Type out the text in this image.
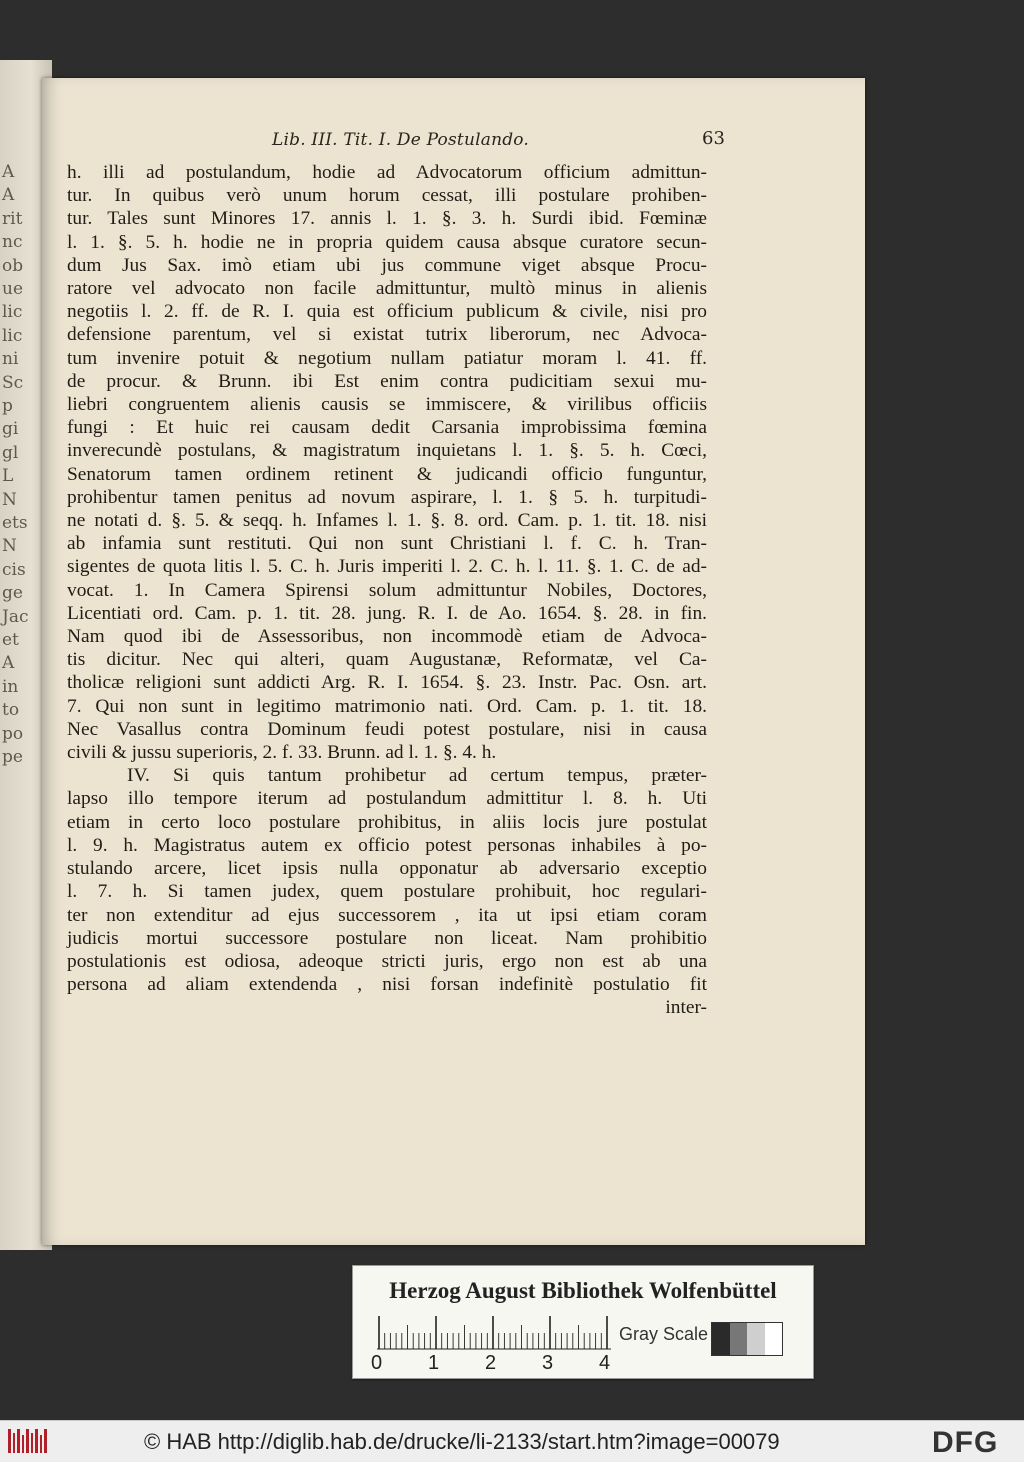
A
A
rit
nc
ob
ue
lic
lic
ni
Sc
p
gi
gl
L
N
ets
N
cis
ge
Jac
et
A
in
to
po
pe
Lib. III. Tit. I. De Postulando.	63
h. illi ad postulandum, hodie ad Advocatorum officium admittun-
tur. In quibus verò unum horum cessat, illi postulare prohiben-
tur. Tales sunt Minores 17. annis l. 1. §. 3. h. Surdi ibid. Fœminæ
l. 1. §. 5. h. hodie ne in propria quidem causa absque curatore secun-
dum Jus Sax. imò etiam ubi jus commune viget absque Procu-
ratore vel advocato non facile admittuntur, multò minus in alienis
negotiis l. 2. ff. de R. I. quia est officium publicum & civile, nisi pro
defensione parentum, vel si existat tutrix liberorum, nec Advoca-
tum invenire potuit & negotium nullam patiatur moram l. 41. ff.
de procur. & Brunn. ibi Est enim contra pudicitiam sexui mu-
liebri congruentem alienis causis se immiscere, & virilibus officiis
fungi : Et huic rei causam dedit Carsania improbissima fœmina
inverecundè postulans, & magistratum inquietans l. 1. §. 5. h. Cœci,
Senatorum tamen ordinem retinent & judicandi officio funguntur,
prohibentur tamen penitus ad novum aspirare, l. 1. § 5. h. turpitudi-
ne notati d. §. 5. & seqq. h. Infames l. 1. §. 8. ord. Cam. p. 1. tit. 18. nisi
ab infamia sunt restituti. Qui non sunt Christiani l. f. C. h. Tran-
sigentes de quota litis l. 5. C. h. Juris imperiti l. 2. C. h. l. 11. §. 1. C. de ad-
vocat. 1. In Camera Spirensi solum admittuntur Nobiles, Doctores,
Licentiati ord. Cam. p. 1. tit. 28. jung. R. I. de Ao. 1654. §. 28. in fin.
Nam quod ibi de Assessoribus, non incommodè etiam de Advoca-
tis dicitur. Nec qui alteri, quam Augustanæ, Reformatæ, vel Ca-
tholicæ religioni sunt addicti Arg. R. I. 1654. §. 23. Instr. Pac. Osn. art.
7. Qui non sunt in legitimo matrimonio nati. Ord. Cam. p. 1. tit. 18.
Nec Vasallus contra Dominum feudi potest postulare, nisi in causa
civili & jussu superioris, 2. f. 33. Brunn. ad l. 1. §. 4. h.
IV. Si quis tantum prohibetur ad certum tempus, præter-
lapso illo tempore iterum ad postulandum admittitur l. 8. h. Uti
etiam in certo loco postulare prohibitus, in aliis locis jure postulat
l. 9. h. Magistratus autem ex officio potest personas inhabiles à po-
stulando arcere, licet ipsis nulla opponatur ab adversario exceptio
l. 7. h. Si tamen judex, quem postulare prohibuit, hoc regulari-
ter non extenditur ad ejus successorem , ita ut ipsi etiam coram
judicis mortui successore postulare non liceat. Nam prohibitio
postulationis est odiosa, adeoque stricti juris, ergo non est ab una
persona ad aliam extendenda , nisi forsan indefinitè postulatio fit
inter-
Herzog August Bibliothek Wolfenbüttel
0 1 2 3 4
Gray Scale
© HAB http://diglib.hab.de/drucke/li-2133/start.htm?image=00079	DFG
